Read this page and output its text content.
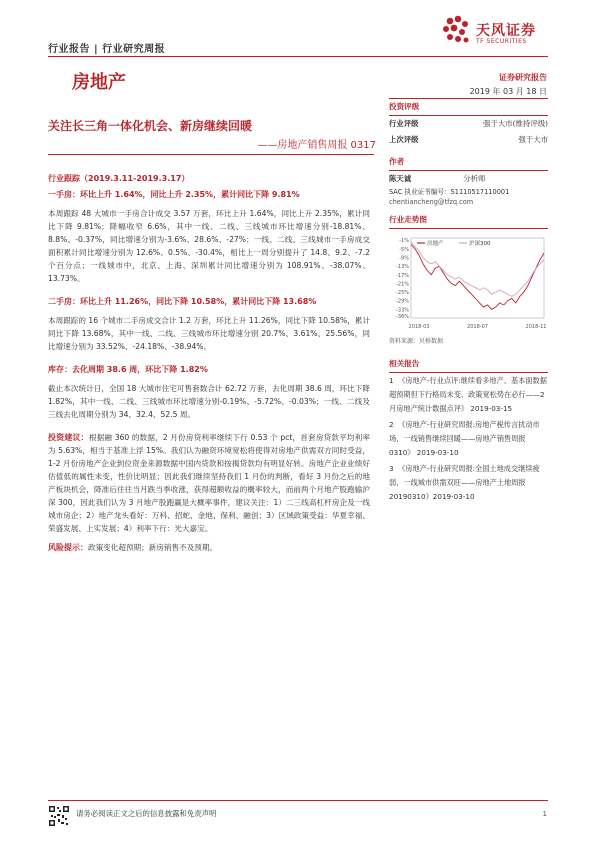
行业报告 | 行业研究周报
天风证券
TF SECURITIES
房地产	证券研究报告
2019 年 03 月 18 日
关注长三角一体化机会、新房继续回暖
——房地产销售周报 0317
行业跟踪（2019.3.11-2019.3.17）
一手房：环比上升 1.64%，同比上升 2.35%，累计同比下降 9.81%
本周跟踪 48 大城市一手房合计成交 3.57 万套，环比上升 1.64%，同比上升 2.35%，累计同比下降 9.81%；降幅收窄 6.6%，其中一线、二线、三线城市环比增速分别-18.81%、8.8%、-0.37%，同比增速分别为-3.6%、28.6%、-27%；一线、二线、三线城市一手房成交面积累计同比增速分别为 12.6%、0.5%、-30.4%，相比上一周分别提升了 14.8、9.2、-7.2 个百分点；一线城市中，北京、上海、深圳累计同比增速分别为 108.91%、-38.07%、13.73%。
二手房：环比上升 11.26%，同比下降 10.58%，累计同比下降 13.68%
本周跟踪的 16 个城市二手房成交合计 1.2 万套，环比上升 11.26%，同比下降 10.58%，累计同比下降 13.68%，其中一线、二线、三线城市环比增速分别 20.7%、3.61%、25.56%，同比增速分别为 33.52%、-24.18%、-38.94%。
库存：去化周期 38.6 周，环比下降 1.82%
截止本次统计日，全国 18 大城市住宅可售套数合计 62.72 万套，去化周期 38.6 周，环比下降 1.82%，其中一线、二线、三线城市环比增速分别-0.19%、-5.72%、-0.03%；一线、二线及三线去化周期分别为 34、32.4、52.5 周。
投资建议：根据融 360 的数据，2 月份房贷利率继续下行 0.53 个 pct，首套房贷款平均利率为 5.63%，相当于基准上浮 15%。我们认为融资环境宽松将使得对房地产供需双方同时受益，1-2 月份房地产企业到位资金来源数据中国内贷款和按揭贷款均有明显好转。房地产企业业绩好估值低的属性未变，性价比明显；因此我们继续坚持我们 1 月份的判断，看好 3 月份之后的地产板块机会，降准后往往当月跌当季收涨，获得超额收益的概率较大，而前两个月地产股跑输沪深 300，因此我们认为 3 月地产股跑赢是大概率事件，建议关注：1）二三线高杠杆房企及一线城市房企；2）地产龙头看好：万科、招蛇、金地、保利、融创；3）区域政策受益：华夏幸福、荣盛发展、上实发展；4）利率下行：光大嘉宝。
风险提示：政策变化超预期；新房销售不及预期。
投资评级
行业评级	强于大市(维持评级)
上次评级	强于大市
作者
陈天诚	分析师
SAC 执业证书编号：S1110517110001
chentiancheng@tfzq.com
行业走势图
-1%
-5%
-9%
-13%
-17%
-21%
-25%
-29%
-33%
-36%
2018-03	2018-07	2018-11
房地产	沪深300
资料来源：贝格数据
相关报告
1 《房地产-行业点评:继续看多地产、基本面数据超预期但下行格局未变、政策宽松势在必行——2 月房地产统计数据点评》 2019-03-15
2 《房地产-行业研究周报:房地产税传言扰动市场，一线销售继续回暖——房地产销售周报 0310》 2019-03-10
3 《房地产-行业研究周报:全国土地成交继续疲弱，一线城市供需双旺——房地产土地周报 20190310》2019-03-10
请务必阅读正文之后的信息披露和免责声明	1
